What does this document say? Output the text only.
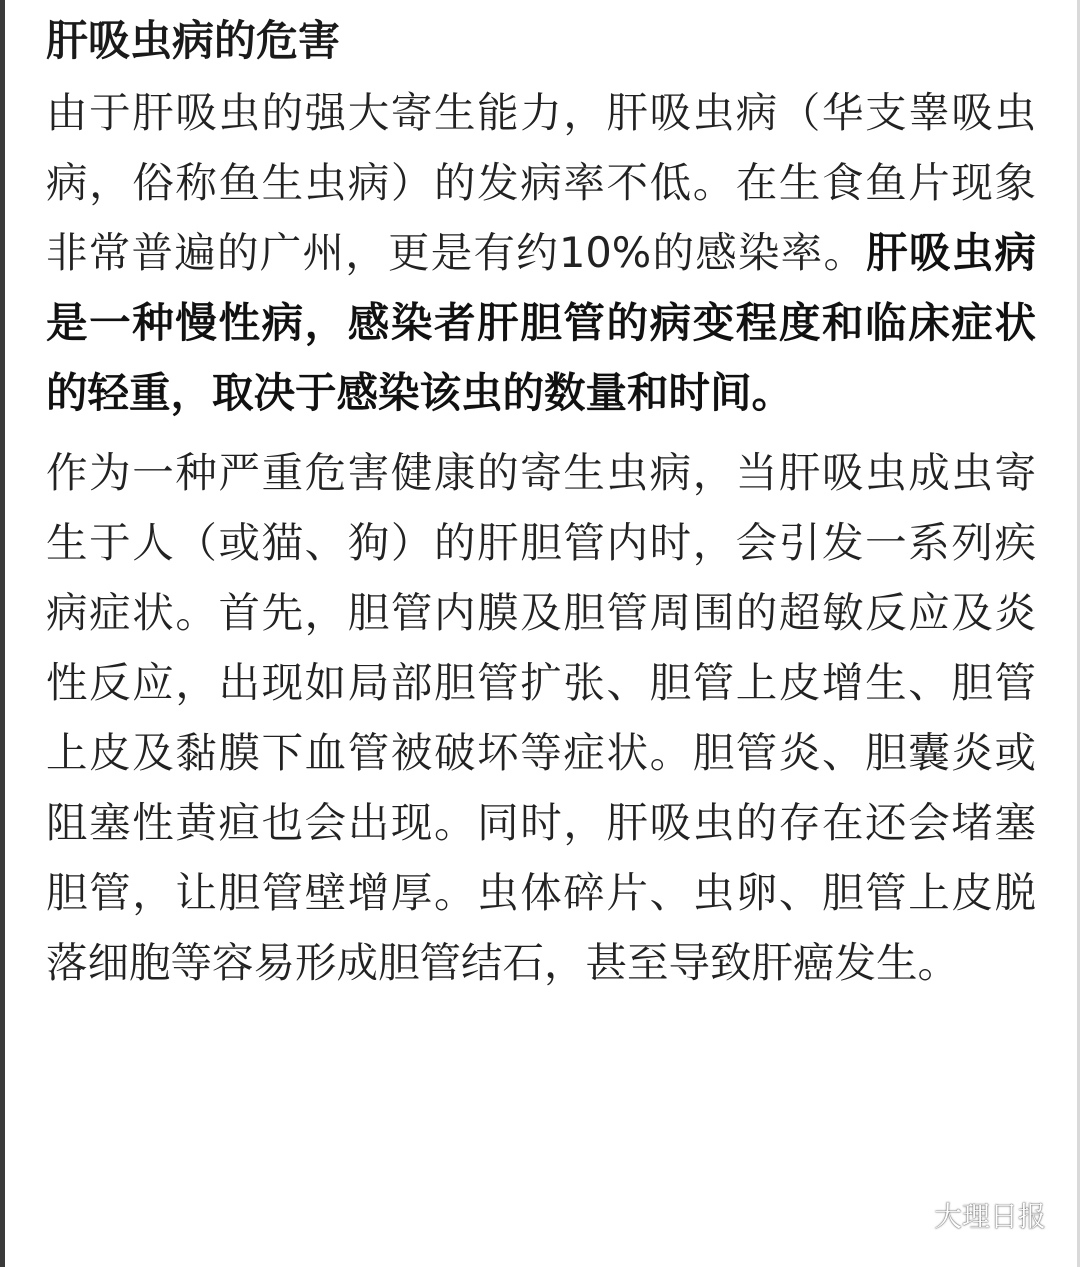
肝吸虫病的危害

由于肝吸虫的强大寄生能力，肝吸虫病（华支睾吸虫病，俗称鱼生虫病）的发病率不低。在生食鱼片现象非常普遍的广州，更是有约10%的感染率。肝吸虫病是一种慢性病，感染者肝胆管的病变程度和临床症状的轻重，取决于感染该虫的数量和时间。

作为一种严重危害健康的寄生虫病，当肝吸虫成虫寄生于人（或猫、狗）的肝胆管内时，会引发一系列疾病症状。首先，胆管内膜及胆管周围的超敏反应及炎性反应，出现如局部胆管扩张、胆管上皮增生、胆管上皮及黏膜下血管被破坏等症状。胆管炎、胆囊炎或阻塞性黄疸也会出现。同时，肝吸虫的存在还会堵塞胆管，让胆管壁增厚。虫体碎片、虫卵、胆管上皮脱落细胞等容易形成胆管结石，甚至导致肝癌发生。

大理日报
